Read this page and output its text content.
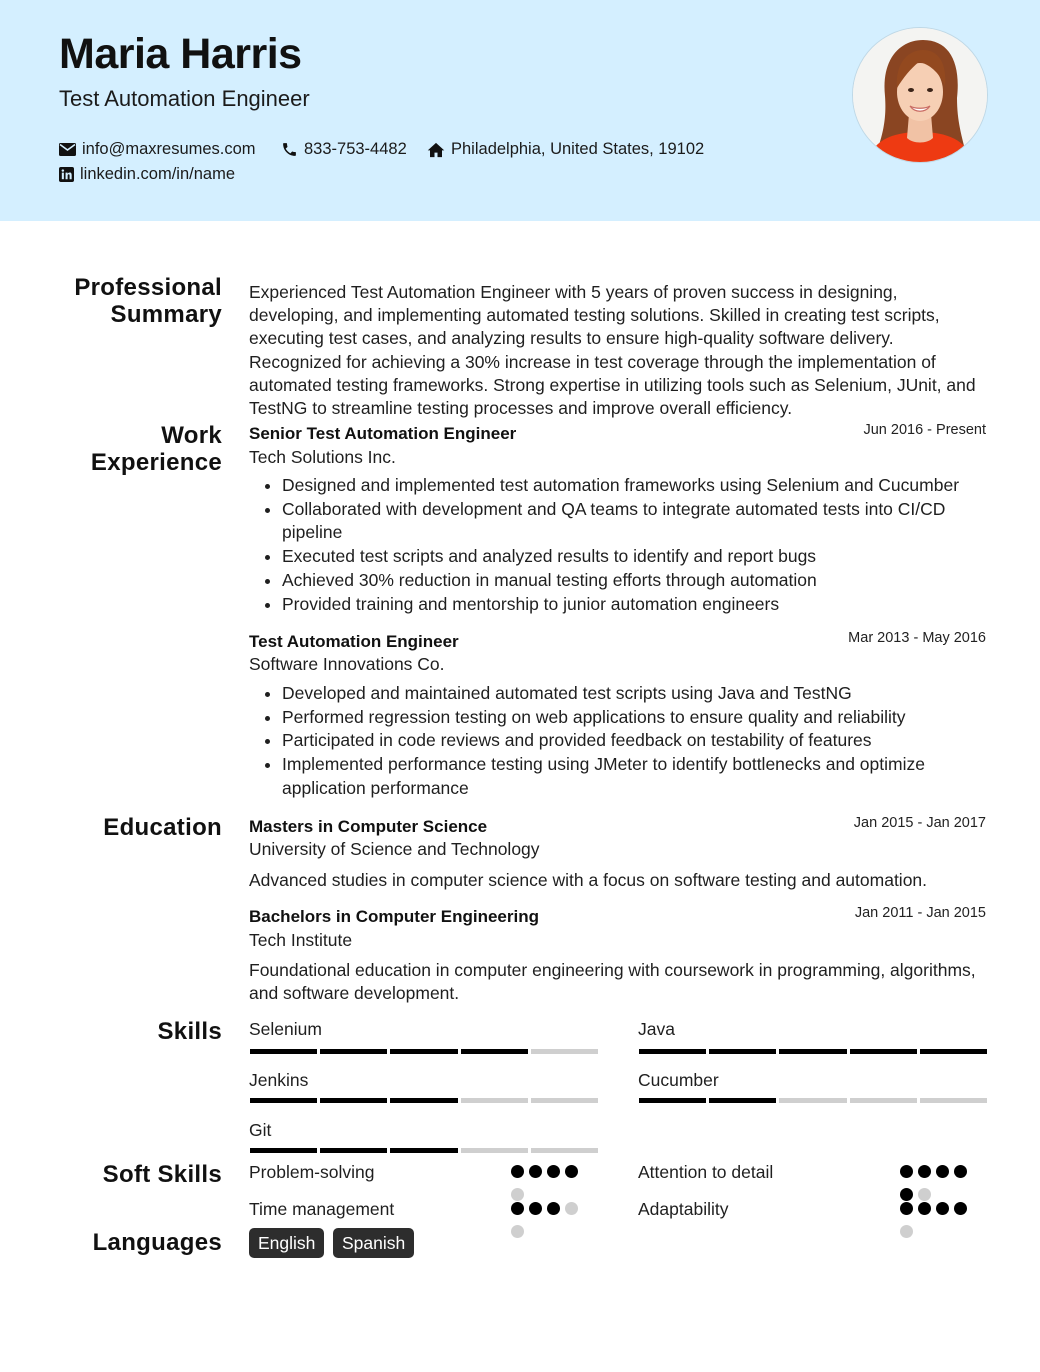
Maria Harris
Test Automation Engineer
info@maxresumes.com	833-753-4482	Philadelphia, United States, 19102
linkedin.com/in/name
Professional
Summary
Experienced Test Automation Engineer with 5 years of proven success in designing, developing, and implementing automated testing solutions. Skilled in creating test scripts, executing test cases, and analyzing results to ensure high-quality software delivery. Recognized for achieving a 30% increase in test coverage through the implementation of automated testing frameworks. Strong expertise in utilizing tools such as Selenium, JUnit, and TestNG to streamline testing processes and improve overall efficiency.
Work
Experience
Senior Test Automation Engineer	Jun 2016 - Present
Tech Solutions Inc.
• Designed and implemented test automation frameworks using Selenium and Cucumber
• Collaborated with development and QA teams to integrate automated tests into CI/CD pipeline
• Executed test scripts and analyzed results to identify and report bugs
• Achieved 30% reduction in manual testing efforts through automation
• Provided training and mentorship to junior automation engineers
Test Automation Engineer	Mar 2013 - May 2016
Software Innovations Co.
• Developed and maintained automated test scripts using Java and TestNG
• Performed regression testing on web applications to ensure quality and reliability
• Participated in code reviews and provided feedback on testability of features
• Implemented performance testing using JMeter to identify bottlenecks and optimize application performance
Education Masters in Computer Science	Jan 2015 - Jan 2017
University of Science and Technology
Advanced studies in computer science with a focus on software testing and automation.
Bachelors in Computer Engineering	Jan 2011 - Jan 2015
Tech Institute
Foundational education in computer engineering with coursework in programming, algorithms, and software development.
Skills Selenium	Java
Jenkins	Cucumber
Git
Soft Skills Problem-solving	Attention to detail
Time management	Adaptability
Languages	English	Spanish
